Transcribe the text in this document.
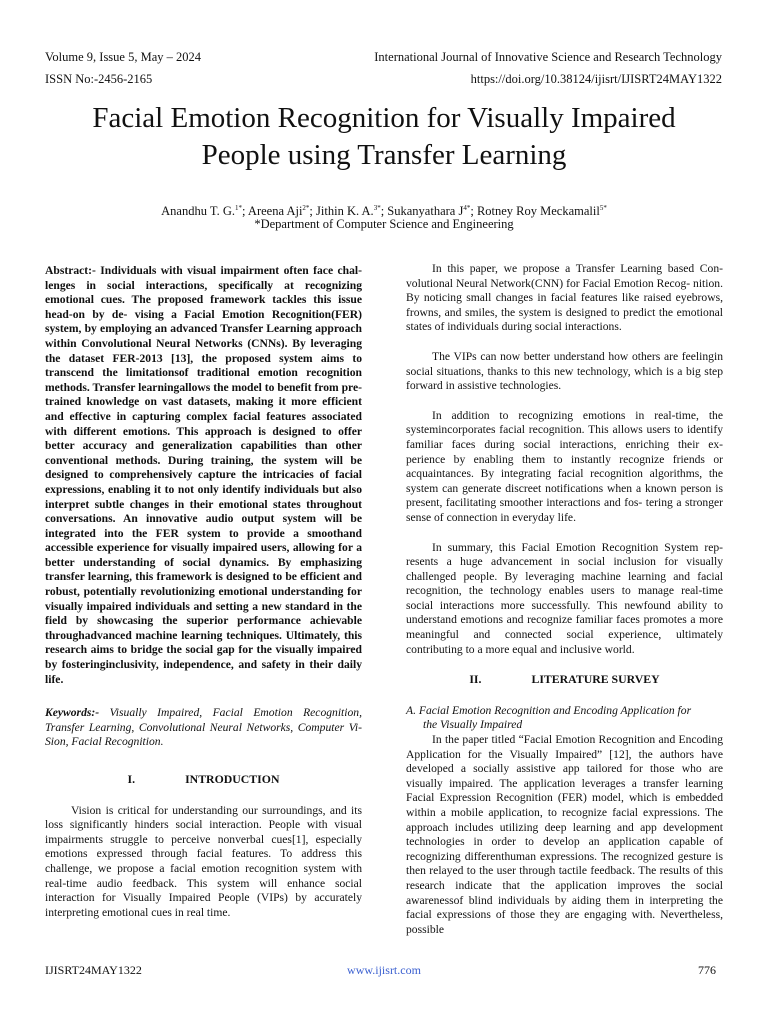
Volume 9, Issue 5, May – 2024
ISSN No:-2456-2165
International Journal of Innovative Science and Research Technology
https://doi.org/10.38124/ijisrt/IJISRT24MAY1322
Facial Emotion Recognition for Visually Impaired
People using Transfer Learning
Anandhu T. G.$^{1*}$; Areena Aji$^{2*}$; Jithin K. A.$^{3*}$; Sukanyathara $J^{4*}$; Rotney Roy Meckamalil$^{5*}$
*Department of Computer Science and Engineering

Abstract:- Individuals with visual impairment often face chal- lenges in social interactions, specifically at recognizing emotional cues. The proposed framework tackles this issue head-on by de- vising a Facial Emotion Recognition(FER) system, by employing an advanced Transfer Learning approach within Convolutional Neural Networks (CNNs). By leveraging the dataset FER-2013 [13], the proposed system aims to transcend the limitationsof traditional emotion recognition methods. Transfer learningallows the model to benefit from pre-trained knowledge on vast datasets, making it more efficient and effective in capturing complex facial features associated with different emotions. This approach is designed to offer better accuracy and generalization capabilities than other conventional methods. During training, the system will be designed to comprehensively capture the intricacies of facial expressions, enabling it to not only identify individuals but also interpret subtle changes in their emotional states throughout conversations. An innovative audio output system will be integrated into the FER system to provide a smoothand accessible experience for visually impaired users, allowing for a better understanding of social dynamics. By emphasizing transfer learning, this framework is designed to be efficient and robust, potentially revolutionizing emotional understanding for visually impaired individuals and setting a new standard in the field by showcasing the superior performance achievable throughadvanced machine learning techniques. Ultimately, this research aims to bridge the social gap for the visually impaired by fosteringinclusivity, independence, and safety in their daily life.

Keywords:- Visually Impaired, Facial Emotion Recognition, Transfer Learning, Convolutional Neural Networks, Computer Vi- Sion, Facial Recognition.

I.	INTRODUCTION

Vision is critical for understanding our surroundings, and its loss significantly hinders social interaction. People with visual impairments struggle to perceive nonverbal cues[1], especially emotions expressed through facial features. To address this challenge, we propose a facial emotion recognition system with real-time audio feedback. This system will enhance social interaction for Visually Impaired People (VIPs) by accurately interpreting emotional cues in real time.

In this paper, we propose a Transfer Learning based Con- volutional Neural Network(CNN) for Facial Emotion Recog- nition. By noticing small changes in facial features like raised eyebrows, frowns, and smiles, the system is designed to predict the emotional states of individuals during social interactions.

The VIPs can now better understand how others are feelingin social situations, thanks to this new technology, which is a big step forward in assistive technologies.

In addition to recognizing emotions in real-time, the systemincorporates facial recognition. This allows users to identify familiar faces during social interactions, enriching their ex- perience by enabling them to instantly recognize friends or acquaintances. By integrating facial recognition algorithms, the system can generate discreet notifications when a known person is present, facilitating smoother interactions and fos- tering a stronger sense of connection in everyday life.

In summary, this Facial Emotion Recognition System rep- resents a huge advancement in social inclusion for visually challenged people. By leveraging machine learning and facial recognition, the technology enables users to manage real-time social interactions more successfully. This newfound ability to understand emotions and recognize familiar faces promotes a more meaningful and connected social experience, ultimately contributing to a more equal and inclusive world.

II.	LITERATURE SURVEY

A. Facial Emotion Recognition and Encoding Application for

the Visually Impaired

In the paper titled “Facial Emotion Recognition and Encoding Application for the Visually Impaired” [12], the authors have developed a socially assistive app tailored for those who are visually impaired. The application leverages a transfer learning Facial Expression Recognition (FER) model, which is embedded within a mobile application, to recognize facial expressions. The approach includes utilizing deep learning and app development technologies in order to develop an application capable of recognizing differenthuman expressions. The recognized gesture is then relayed to the user through tactile feedback. The results of this research indicate that the application improves the social awarenessof blind individuals by aiding them in interpreting the facial expressions of those they are engaging with. Nevertheless, possible

IJISRT24MAY1322	www.ijisrt.com	776
